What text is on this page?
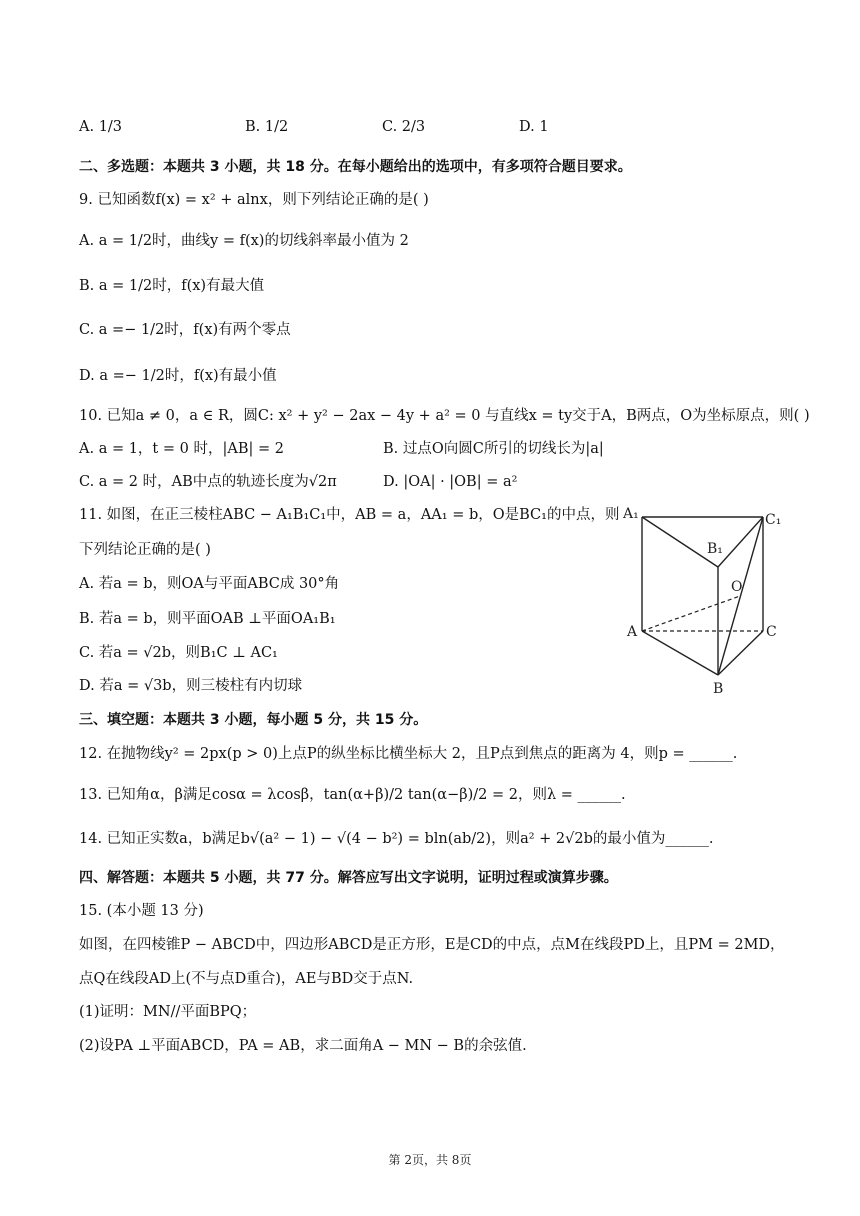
A. 1/3	B. 1/2	C. 2/3	D. 1
二、多选题：本题共 3 小题，共 18 分。在每小题给出的选项中，有多项符合题目要求。
9. 已知函数f(x) = x² + alnx，则下列结论正确的是( )
A. a = 1/2时，曲线y = f(x)的切线斜率最小值为 2
B. a = 1/2时，f(x)有最大值
C. a =− 1/2时，f(x)有两个零点
D. a =− 1/2时，f(x)有最小值
10. 已知a ≠ 0，a ∈ R，圆C: x² + y² − 2ax − 4y + a² = 0 与直线x = ty交于A，B两点，O为坐标原点，则( )
A. a = 1，t = 0 时，|AB| = 2	B. 过点O向圆C所引的切线长为|a|
C. a = 2 时，AB中点的轨迹长度为√2π	D. |OA| · |OB| = a²
11. 如图，在正三棱柱ABC − A₁B₁C₁中，AB = a，AA₁ = b，O是BC₁的中点，则
下列结论正确的是( )
A. 若a = b，则OA与平面ABC成 30°角
B. 若a = b，则平面OAB ⊥平面OA₁B₁
C. 若a = √2b，则B₁C ⊥ AC₁
D. 若a = √3b，则三棱柱有内切球
A₁
B₁
C₁
O
A
B
C
三、填空题：本题共 3 小题，每小题 5 分，共 15 分。
12. 在抛物线y² = 2px(p > 0)上点P的纵坐标比横坐标大 2，且P点到焦点的距离为 4，则p = ______.
13. 已知角α，β满足cosα = λcosβ，tan(α+β)/2 tan(α−β)/2 = 2，则λ = ______.
14. 已知正实数a，b满足b√(a² − 1) − √(4 − b²) = bln(ab/2)，则a² + 2√2b的最小值为______.
四、解答题：本题共 5 小题，共 77 分。解答应写出文字说明，证明过程或演算步骤。
15. (本小题 13 分)
如图，在四棱锥P − ABCD中，四边形ABCD是正方形，E是CD的中点，点M在线段PD上，且PM = 2MD，
点Q在线段AD上(不与点D重合)，AE与BD交于点N.
(1)证明：MN//平面BPQ；
(2)设PA ⊥平面ABCD，PA = AB，求二面角A − MN − B的余弦值.
第 2页，共 8页
